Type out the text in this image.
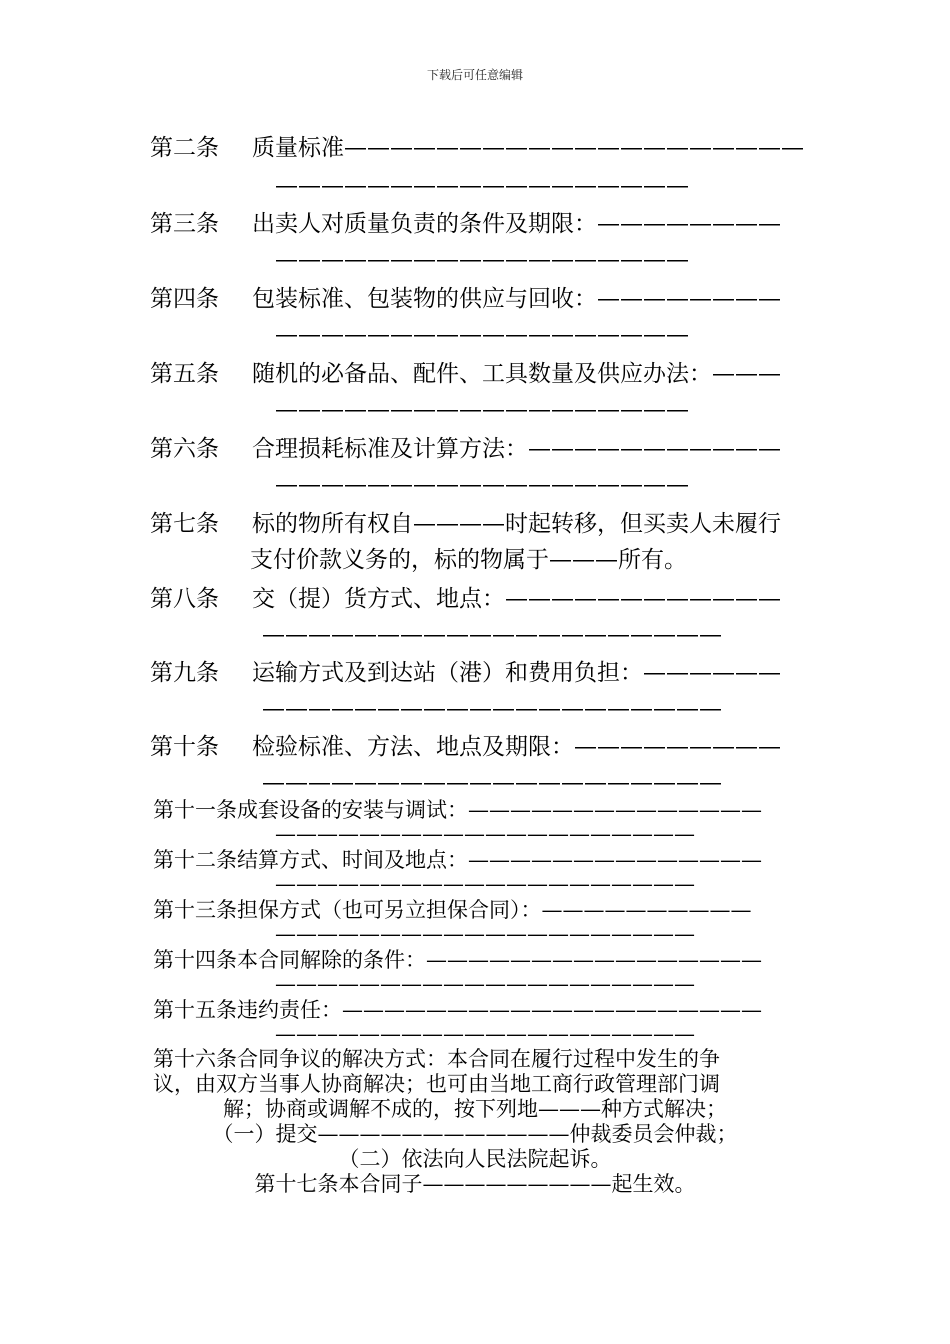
下载后可任意编辑
第二条 质量标准————————————————————
——————————————————
第三条 出卖人对质量负责的条件及期限：————————
——————————————————
第四条 包装标准、包装物的供应与回收：————————
——————————————————
第五条 随机的必备品、配件、工具数量及供应办法：———
——————————————————
第六条 合理损耗标准及计算方法：———————————
——————————————————
第七条 标的物所有权自————时起转移，但买卖人未履行
支付价款义务的，标的物属于———所有。
第八条 交（提）货方式、地点：————————————
————————————————————
第九条 运输方式及到达站（港）和费用负担：——————
————————————————————
第十条 检验标准、方法、地点及期限：—————————
————————————————————
第十一条成套设备的安装与调试：——————————————
————————————————————
第十二条结算方式、时间及地点：——————————————
————————————————————
第十三条担保方式（也可另立担保合同）：——————————
————————————————————
第十四条本合同解除的条件：————————————————
————————————————————
第十五条违约责任：————————————————————
————————————————————
第十六条合同争议的解决方式：本合同在履行过程中发生的争
议，由双方当事人协商解决；也可由当地工商行政管理部门调
解；协商或调解不成的，按下列地———种方式解决；
（一）提交————————————仲裁委员会仲裁；
（二）依法向人民法院起诉。
第十七条本合同子—————————起生效。
